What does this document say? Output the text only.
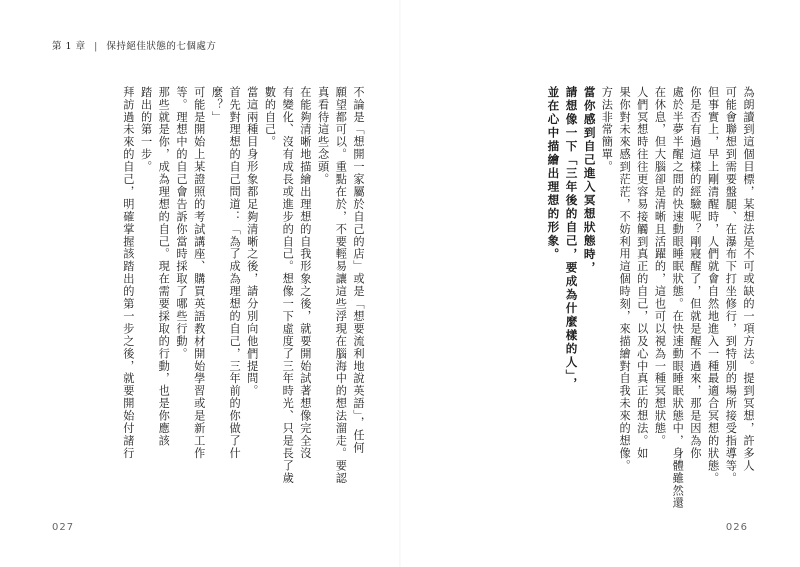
第 1 章 | 保持絕佳狀態的七個處方
不論是「想開一家屬於自己的店」或是「想要流利地說英語」，任何
願望都可以。重點在於，不要輕易讓這些浮現在腦海中的想法溜走。要認
真看待這些念頭。
在能夠清晰地描繪出理想的自我形象之後，就要開始試著想像完全沒
有變化、沒有成長或進步的自己。想像一下虛度了三年時光、只是長了歲
數的自己。
當這兩種目身形象都足夠清晰之後，請分別向他們提問。
首先對理想的自己問道：「為了成為理想的自己，三年前的你做了什
麼？」
可能是開始上某證照的考試講座、購買英語教材開始學習或是新工作
等。理想中的自己會告訴你當時採取了哪些行動。
那些就是你，成為理想的自己。現在需要採取的行動，也是你應該
踏出的第一步。
拜訪過未來的自己，明確掌握該踏出的第一步之後，就要開始付諸行
027
為朗讀到這個目標，某想法是不可或缺的一項方法。提到冥想，許多人
可能會聯想到需要盤腿、在瀑布下打坐修行，到特別的場所接受指導等。
但事實上，早上剛清醒時，人們就會自然地進入一種最適合冥想的狀態。
你是否有過這樣的經驗呢？剛寢醒了，但就是醒不過來，那是因為你
處於半夢半醒之間的快速動眼睡眠狀態。在快速動眼睡眠狀態中，身體雖然還
在休息，但大腦卻是清晰且活躍的，這也可以視為一種冥想狀態。
人們冥想時往往更容易接觸到真正的自己，以及心中真正的想法。如
果你對未來感到茫茫，不妨利用這個時刻，來描繪對自我未來的想像。
方法非常簡單。
當你感到自己進入冥想狀態時，
請想像一下「三年後的自己，要成為什麼樣的人」，
並在心中描繪出理想的形象。
026
